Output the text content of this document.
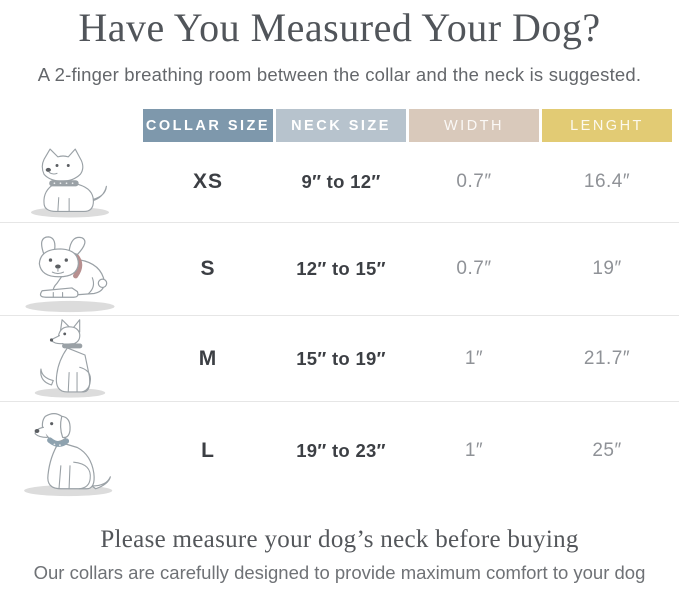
Have You Measured Your Dog?

A 2-finger breathing room between the collar and the neck is suggested.

COLLAR SIZE	NECK SIZE	WIDTH	LENGHT
XS	9″ to 12″	0.7″	16.4″
S	12″ to 15″	0.7″	19″
M	15″ to 19″	1″	21.7″
L	19″ to 23″	1″	25″
Please measure your dog’s neck before buying

Our collars are carefully designed to provide maximum comfort to your dog
